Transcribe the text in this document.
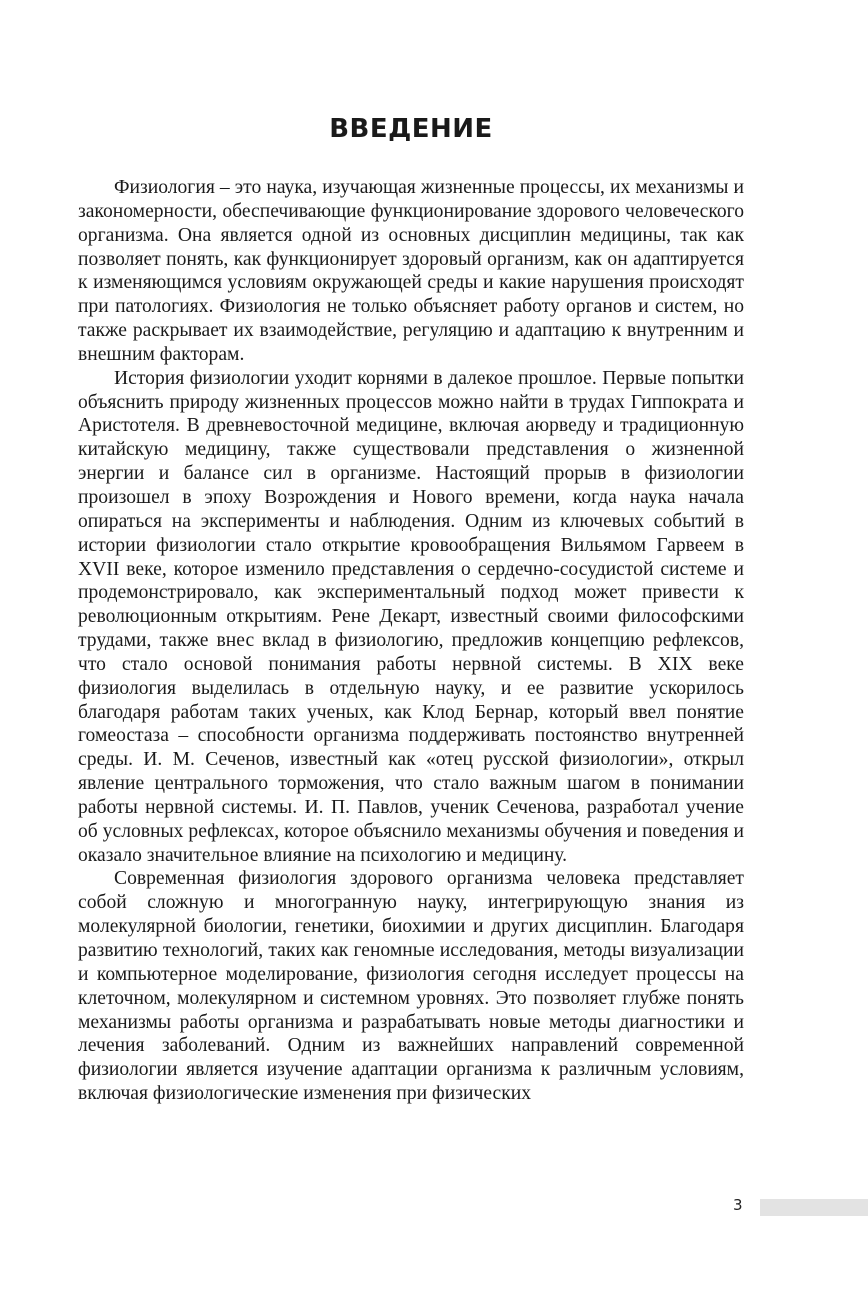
ВВЕДЕНИЕ

Физиология – это наука, изучающая жизненные процессы, их механизмы и закономерности, обеспечивающие функционирование здорового человеческого организма. Она является одной из основных дисциплин медицины, так как позволяет понять, как функционирует здоровый организм, как он адаптируется к изменяющимся условиям окружающей среды и какие нарушения происходят при патологиях. Физиология не только объясняет работу органов и систем, но также раскрывает их взаимодействие, регуляцию и адаптацию к внутренним и внешним факторам.

История физиологии уходит корнями в далекое прошлое. Первые попытки объяснить природу жизненных процессов можно найти в трудах Гиппократа и Аристотеля. В древневосточной медицине, включая аюрведу и традиционную китайскую медицину, также существовали представления о жизненной энергии и балансе сил в организме. Настоящий прорыв в физиологии произошел в эпоху Возрождения и Нового времени, когда наука начала опираться на эксперименты и наблюдения. Одним из ключевых событий в истории физиологии стало открытие кровообращения Вильямом Гарвеем в XVII веке, которое изменило представления о сердечно-сосудистой системе и продемонстрировало, как экспериментальный подход может привести к революционным открытиям. Рене Декарт, известный своими философскими трудами, также внес вклад в физиологию, предложив концепцию рефлексов, что стало основой понимания работы нервной системы. В XIX веке физиология выделилась в отдельную науку, и ее развитие ускорилось благодаря работам таких ученых, как Клод Бернар, который ввел понятие гомеостаза – способности организма поддерживать постоянство внутренней среды. И. М. Сеченов, известный как «отец русской физиологии», открыл явление центрального торможения, что стало важным шагом в понимании работы нервной системы. И. П. Павлов, ученик Сеченова, разработал учение об условных рефлексах, которое объяснило механизмы обучения и поведения и оказало значительное влияние на психологию и медицину.

Современная физиология здорового организма человека представляет собой сложную и многогранную науку, интегрирующую знания из молекулярной биологии, генетики, биохимии и других дисциплин. Благодаря развитию технологий, таких как геномные исследования, методы визуализации и компьютерное моделирование, физиология сегодня исследует процессы на клеточном, молекулярном и системном уровнях. Это позволяет глубже понять механизмы работы организма и разрабатывать новые методы диагностики и лечения заболеваний. Одним из важнейших направлений современной физиологии является изучение адаптации организма к различным условиям, включая физиологические изменения при физических

3
